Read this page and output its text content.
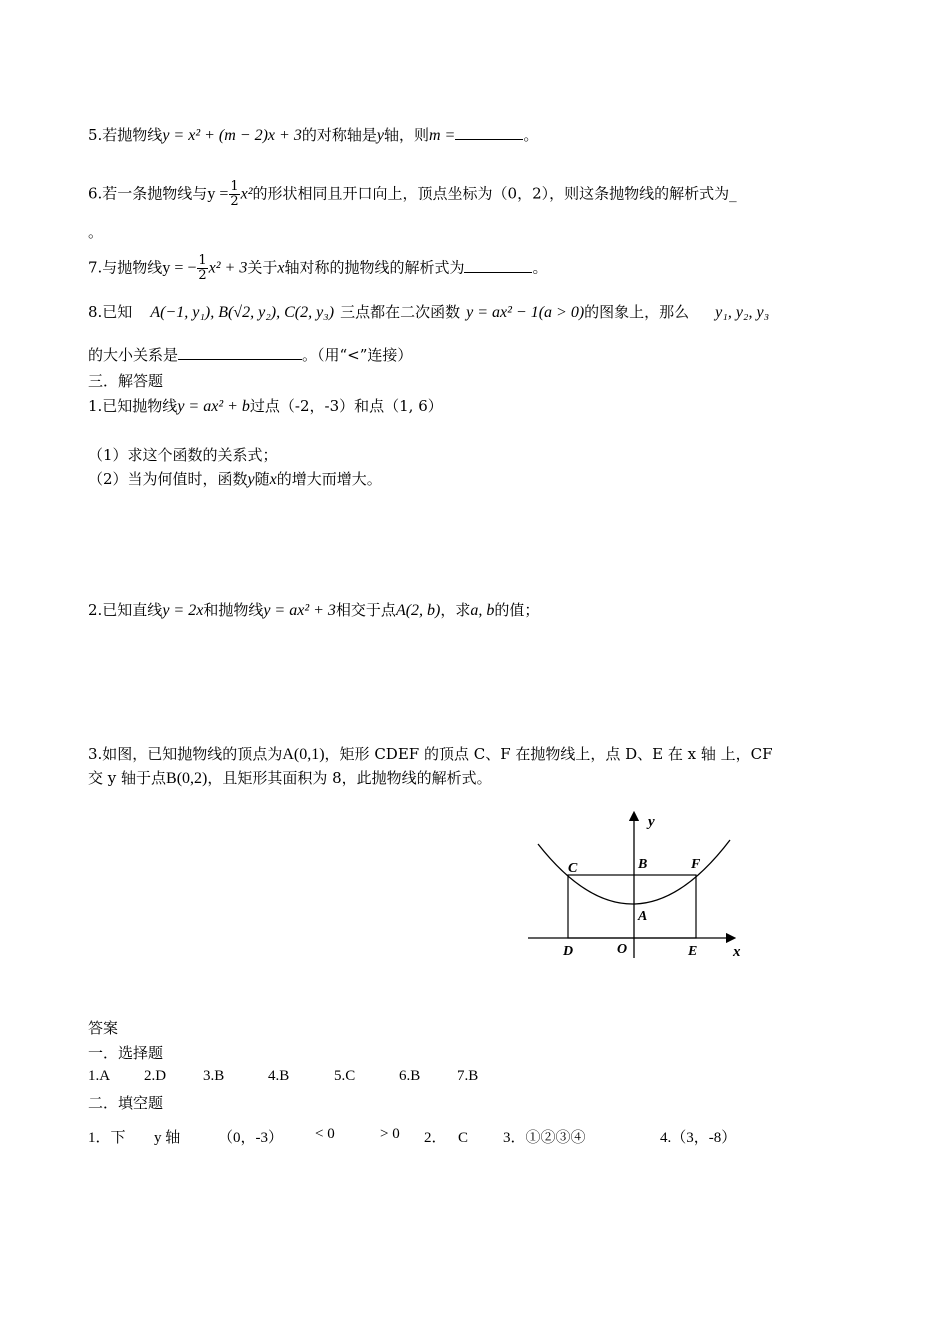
5.若抛物线y = x² + (m − 2)x + 3的对称轴是y轴，则m =	。
6.若一条抛物线与$y = \frac{1}{2} x^2$的形状相同且开口向上，顶点坐标为（0，2），则这条抛物线的解析式为_
。
7.与抛物线y = − $\frac{1}{2} x^2 + 3$关于x轴对称的抛物线的解析式为	。
8.已知 A(−1, y₁), B(√2, y₂), C(2, y₃) 三点都在二次函数 y = ax² − 1(a > 0)的图象上，那么 y₁, y₂, y₃
的大小关系是	。（用“<”连接）
三．解答题
1.已知抛物线y = ax² + b过点（-2，-3）和点（1, 6）
（1）求这个函数的关系式；
（2）当为何值时，函数y随x的增大而增大。
2.已知直线y = 2x和抛物线y = ax² + 3相交于点A(2, b)，求a, b的值；
3.如图，已知抛物线的顶点为A(0,1)，矩形 CDEF 的顶点 C、F 在抛物线上，点 D、E 在 x 轴 上，CF
交 y 轴于点B(0,2)，且矩形其面积为 8，此抛物线的解析式。
y
x
C	B	F
A
D	O	E
答案
一．选择题
1.A 2.D 3.B	4.B	5.C	6.B 7.B
二．填空题
1．下 y 轴	（0，-3） < 0	> 0 2． C 3．①②③④	4.（3，-8）
